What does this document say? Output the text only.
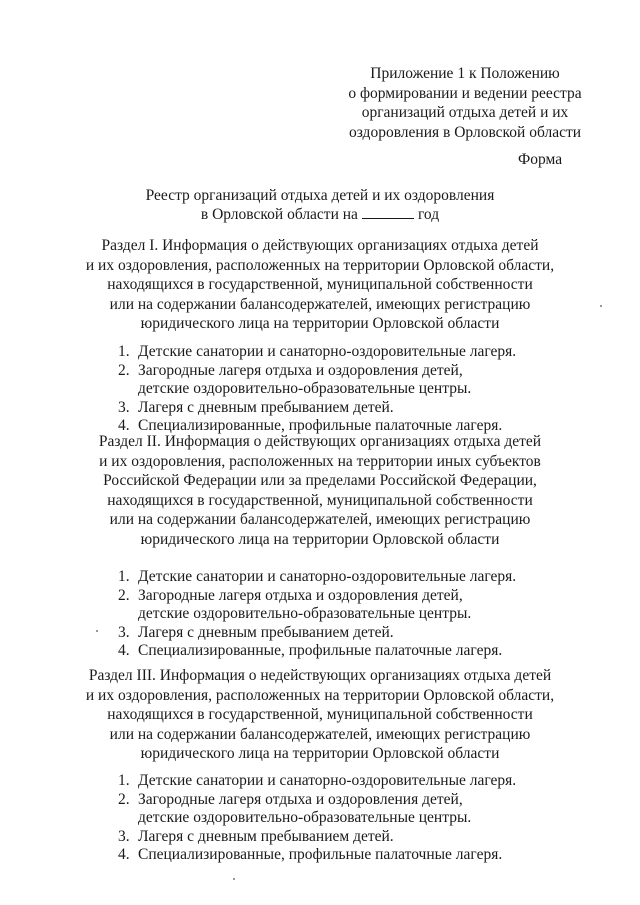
Приложение 1 к Положению
о формировании и ведении реестра
организаций отдыха детей и их
оздоровления в Орловской области
Форма
Реестр организаций отдыха детей и их оздоровления
в Орловской области на	год
Раздел I. Информация о действующих организациях отдыха детей
и их оздоровления, расположенных на территории Орловской области,
находящихся в государственной, муниципальной собственности
или на содержании балансодержателей, имеющих регистрацию
юридического лица на территории Орловской области
1. Детские санатории и санаторно-оздоровительные лагеря.
2. Загородные лагеря отдыха и оздоровления детей,
детские оздоровительно-образовательные центры.
3. Лагеря с дневным пребыванием детей.
4. Специализированные, профильные палаточные лагеря.
Раздел II. Информация о действующих организациях отдыха детей
и их оздоровления, расположенных на территории иных субъектов
Российской Федерации или за пределами Российской Федерации,
находящихся в государственной, муниципальной собственности
или на содержании балансодержателей, имеющих регистрацию
юридического лица на территории Орловской области
1. Детские санатории и санаторно-оздоровительные лагеря.
2. Загородные лагеря отдыха и оздоровления детей,
детские оздоровительно-образовательные центры.
3. Лагеря с дневным пребыванием детей.
4. Специализированные, профильные палаточные лагеря.
Раздел III. Информация о недействующих организациях отдыха детей
и их оздоровления, расположенных на территории Орловской области,
находящихся в государственной, муниципальной собственности
или на содержании балансодержателей, имеющих регистрацию
юридического лица на территории Орловской области
1. Детские санатории и санаторно-оздоровительные лагеря.
2. Загородные лагеря отдыха и оздоровления детей,
детские оздоровительно-образовательные центры.
3. Лагеря с дневным пребыванием детей.
4. Специализированные, профильные палаточные лагеря.
